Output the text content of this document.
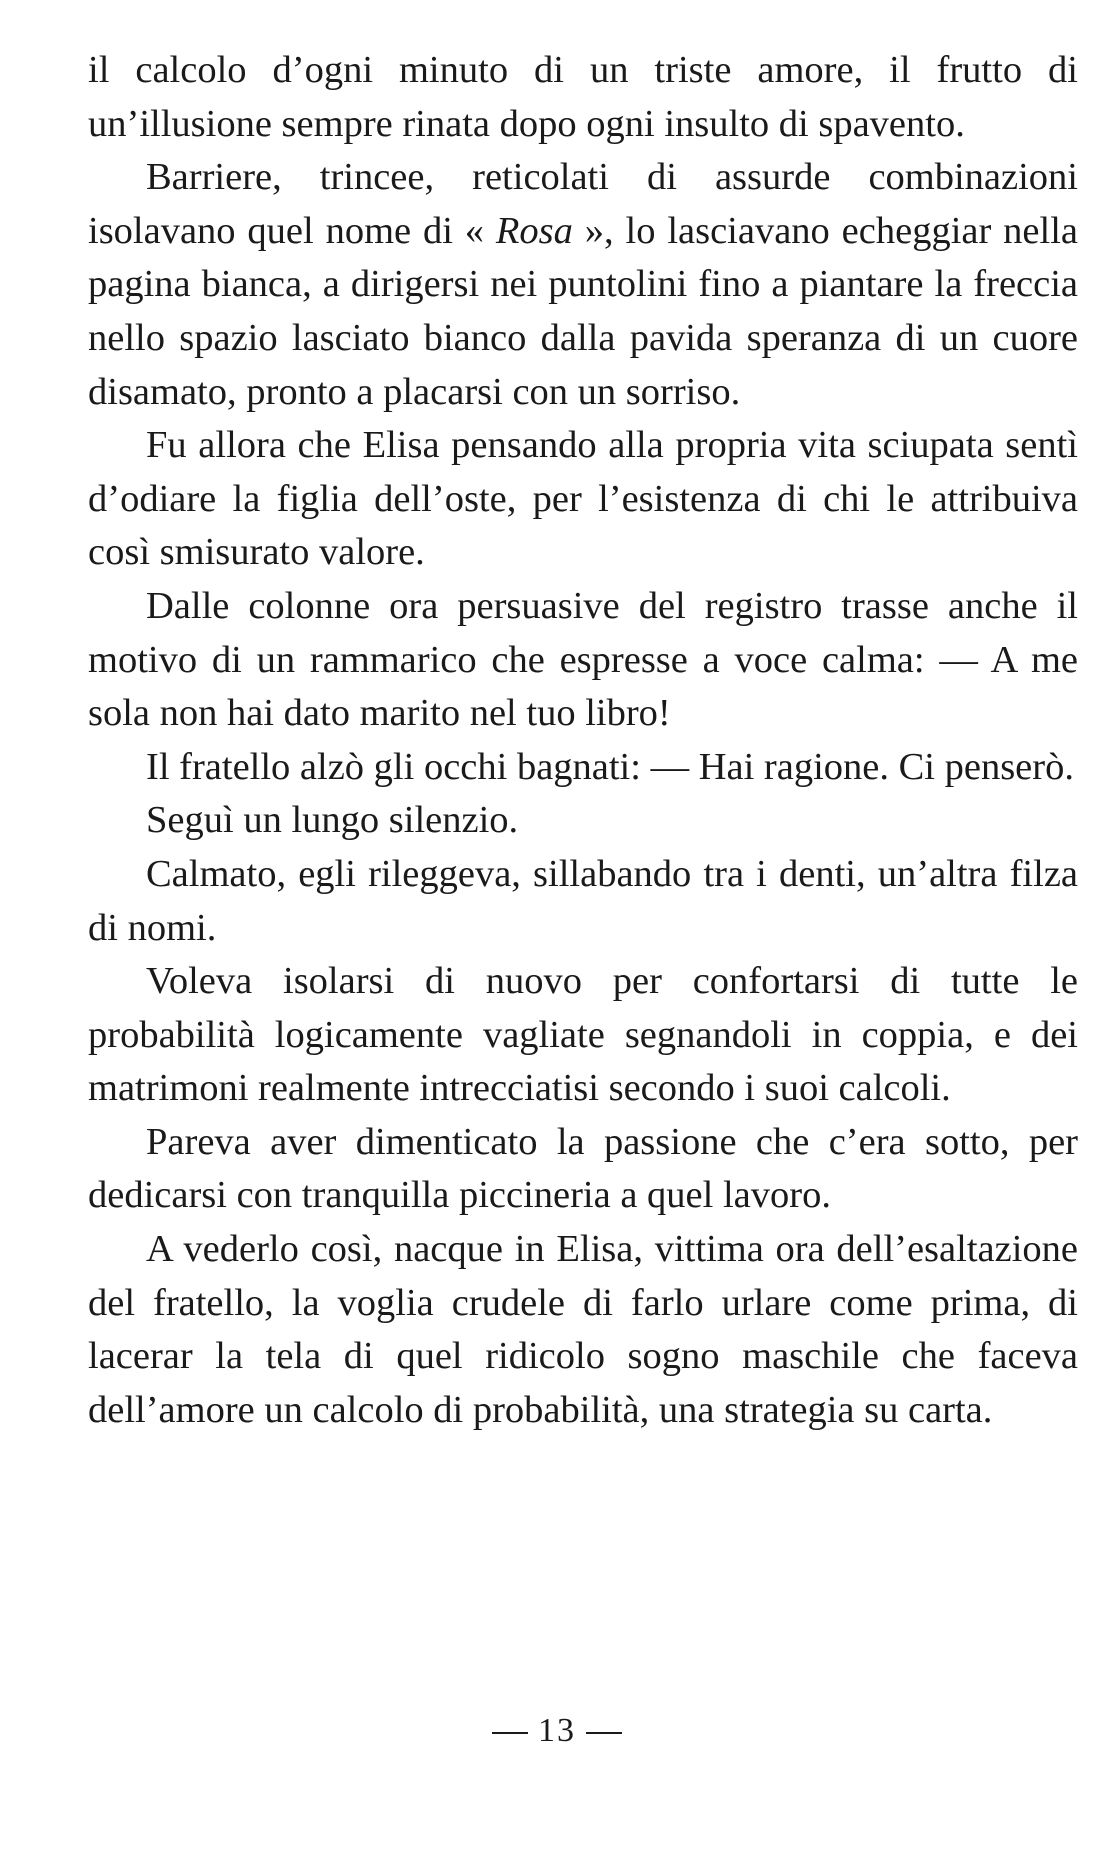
il calcolo d’ogni minuto di un triste amore, il frutto di un’illusione sempre rinata dopo ogni insulto di spavento.

Barriere, trincee, reticolati di assurde combinazioni isolavano quel nome di « Rosa », lo lasciavano echeggiar nella pagina bianca, a dirigersi nei puntolini fino a piantare la freccia nello spazio lasciato bianco dalla pavida speranza di un cuore disamato, pronto a placarsi con un sorriso.

Fu allora che Elisa pensando alla propria vita sciupata sentì d’odiare la figlia dell’oste, per l’esistenza di chi le attribuiva così smisurato valore.

Dalle colonne ora persuasive del registro trasse anche il motivo di un rammarico che espresse a voce calma: — A me sola non hai dato marito nel tuo libro!

Il fratello alzò gli occhi bagnati: — Hai ragione. Ci penserò.

Seguì un lungo silenzio.

Calmato, egli rileggeva, sillabando tra i denti, un’altra filza di nomi.

Voleva isolarsi di nuovo per confortarsi di tutte le probabilità logicamente vagliate segnandoli in coppia, e dei matrimoni realmente intrecciatisi secondo i suoi calcoli.

Pareva aver dimenticato la passione che c’era sotto, per dedicarsi con tranquilla piccineria a quel lavoro.

A vederlo così, nacque in Elisa, vittima ora dell’esaltazione del fratello, la voglia crudele di farlo urlare come prima, di lacerar la tela di quel ridicolo sogno maschile che faceva dell’amore un calcolo di probabilità, una strategia su carta.

13
